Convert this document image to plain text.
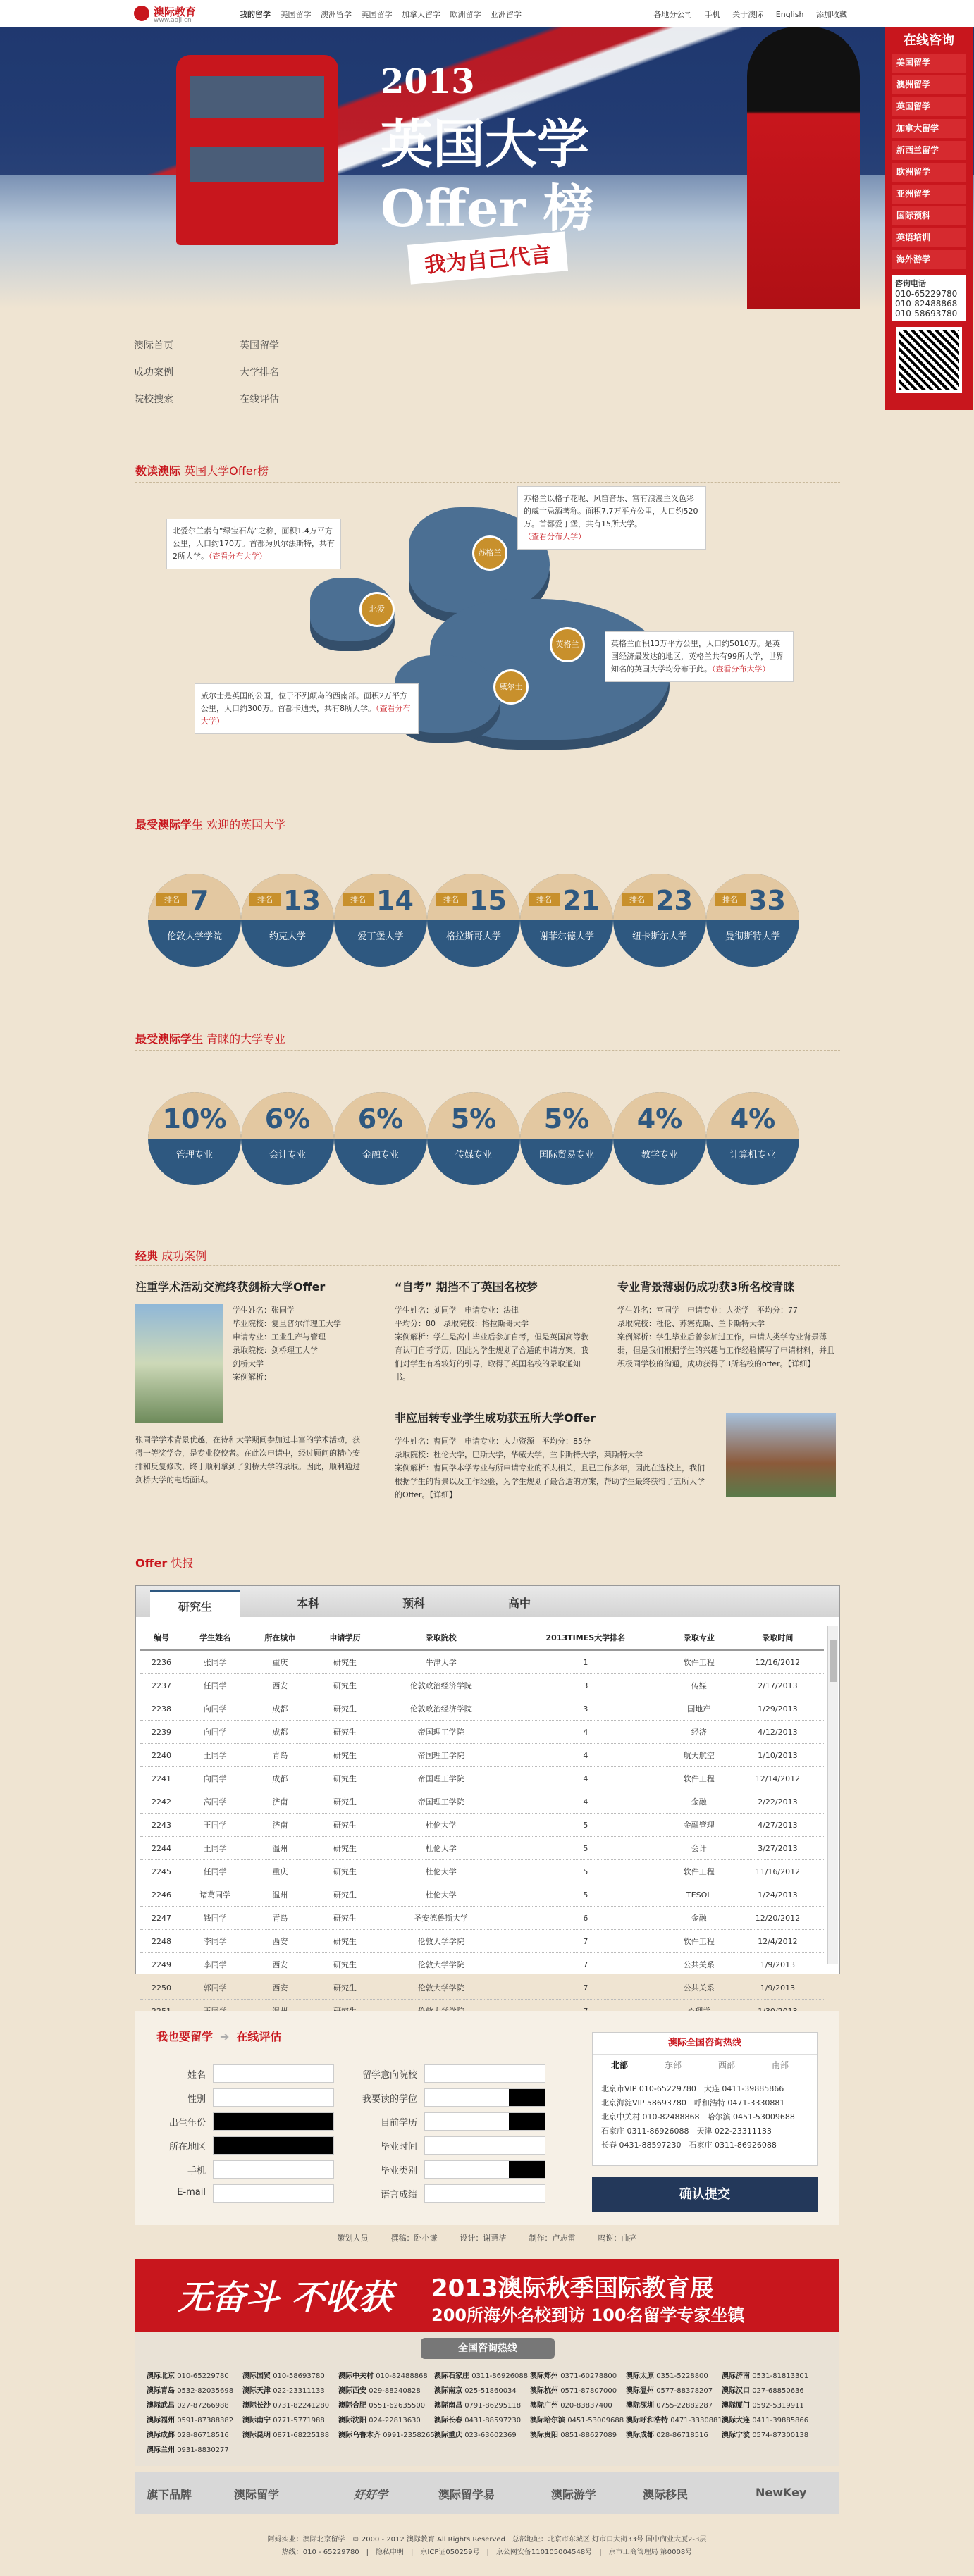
澳际教育
www.aoji.cn
我的留学 美国留学 澳洲留学 英国留学 加拿大留学 欧洲留学 亚洲留学	各地分公司 手机 关于澳际 English 添加收藏
2013
英国大学
Offer 榜
我为自己代言
在线咨询
美国留学
澳洲留学
英国留学
加拿大留学
新西兰留学
欧洲留学
亚洲留学
国际预科
英语培训
海外游学
咨询电话
010-65229780
010-82488868
010-58693780
澳际首页	英国留学
成功案例	大学排名
院校搜索	在线评估
数读澳际 英国大学Offer榜
北爱
苏格兰
英格兰
威尔士
北爱尔兰素有“绿宝石岛”之称，面积1.4万平方公里，人口约170万。首都为贝尔法斯特，共有2所大学。（查看分布大学）
苏格兰以格子花呢、风笛音乐、富有浪漫主义色彩的威士忌酒著称。面积7.7万平方公里，人口约520万。首都爱丁堡，共有15所大学。（查看分布大学）
英格兰面积13万平方公里，人口约5010万。是英国经济最发达的地区，英格兰共有99所大学，世界知名的英国大学均分布于此。（查看分布大学）
威尔士是英国的公国，位于不列颠岛的西南部。面积2万平方公里，人口约300万。首都卡迪夫，共有8所大学。（查看分布大学）
最受澳际学生 欢迎的英国大学
排名 7
伦敦大学学院
排名 13
约克大学
排名 14
爱丁堡大学
排名 15
格拉斯哥大学
排名 21
谢菲尔德大学
排名 23
纽卡斯尔大学
排名 33
曼彻斯特大学
最受澳际学生 青睐的大学专业
10%
管理专业
6%
会计专业
6%
金融专业
5%
传媒专业
5%
国际贸易专业
4%
教学专业
4%
计算机专业
经典 成功案例
注重学术活动交流终获剑桥大学Offer
学生姓名：张同学
毕业院校：复旦普尔洋理工大学
申请专业：工业生产与管理
录取院校：剑桥理工大学
剑桥大学
案例解析：
张同学学术背景优越，在待和大学期间参加过丰富的学术活动，获得一等奖学金，是专业佼佼者。在此次申请中，经过顾问的精心安排和反复修改，终于顺利拿到了剑桥大学的录取。因此，顺利通过剑桥大学的电话面试。
“自考” 期挡不了英国名校梦
学生姓名：刘同学　申请专业：法律
平均分：80　录取院校：格拉斯哥大学
案例解析：学生是高中毕业后参加自考，但是英国高等教育认可自考学历，因此为学生规划了合适的申请方案，我们对学生有着较好的引导，取得了英国名校的录取通知书。
专业背景薄弱仍成功获3所名校青睐
学生姓名：宫同学　申请专业：人类学　平均分：77
录取院校：杜伦、苏塞克斯、兰卡斯特大学
案例解析：学生毕业后曾参加过工作，申请人类学专业背景薄弱，但是我们根据学生的兴趣与工作经验撰写了申请材料，并且积极同学校的沟通，成功获得了3所名校的offer。【详细】
非应届转专业学生成功获五所大学Offer
学生姓名：曹同学　申请专业：人力资源　平均分：85分
录取院校：杜伦大学，巴斯大学，华威大学，兰卡斯特大学，莱斯特大学
案例解析：曹同学本学专业与所申请专业的不太相关，且已工作多年，因此在选校上，我们根据学生的背景以及工作经验，为学生规划了最合适的方案，帮助学生最终获得了五所大学的Offer。【详细】
Offer 快报
研究生	本科	预科	高中
编号	学生姓名	所在城市	申请学历	录取院校	2013TIMES大学排名	录取专业	录取时间
2236	张同学	重庆	研究生	牛津大学	1	软件工程	12/16/2012
2237	任同学	西安	研究生	伦敦政治经济学院	3	传媒	2/17/2013
2238	向同学	成都	研究生	伦敦政治经济学院	3	国地产	1/29/2013
2239	向同学	成都	研究生	帝国理工学院	4	经济	4/12/2013
2240	王同学	青岛	研究生	帝国理工学院	4	航天航空	1/10/2013
2241	向同学	成都	研究生	帝国理工学院	4	软件工程	12/14/2012
2242	高同学	济南	研究生	帝国理工学院	4	金融	2/22/2013
2243	王同学	济南	研究生	杜伦大学	5	金融管理	4/27/2013
2244	王同学	温州	研究生	杜伦大学	5	会计	3/27/2013
2245	任同学	重庆	研究生	杜伦大学	5	软件工程	11/16/2012
2246	诸葛同学	温州	研究生	杜伦大学	5	TESOL	1/24/2013
2247	钱同学	青岛	研究生	圣安德鲁斯大学	6	金融	12/20/2012
2248	李同学	西安	研究生	伦敦大学学院	7	软件工程	12/4/2012
2249	李同学	西安	研究生	伦敦大学学院	7	公共关系	1/9/2013
2250	郭同学	西安	研究生	伦敦大学学院	7	公共关系	1/9/2013

我也要留学 ➔ 在线评估
姓名
性别
出生年份
所在地区
手机
E-mail
留学意向院校
我要读的学位
目前学历
毕业时间
毕业类别
语言成绩
澳际全国咨询热线
北部	东部	西部	南部
北京市VIP 010-65229780　大连 0411-39885866
北京海淀VIP 58693780　呼和浩特 0471-3330881
北京中关村 010-82488868　哈尔滨 0451-53009688
石家庄 0311-86926088　天津 022-23311133
长春 0431-88597230　石家庄 0311-86926088
确认提交
策划人员	撰稿：卧小谦	设计：谢慧洁	制作：卢志雷	鸣谢：曲亮
无奋斗 不收获 2013澳际秋季国际教育展
200所海外名校到访 100名留学专家坐镇
全国咨询热线
澳际北京 010-65229780 澳际国贸 010-58693780 澳际中关村 010-82488868 澳际石家庄 0311-86926088 澳际郑州 0371-60278800 澳际太原 0351-5228800 澳际济南 0531-81813301澳际青岛 0532-82035698 澳际天津 022-23311133 澳际西安 029-88240828 澳际南京 025-51860034 澳际杭州 0571-87807000 澳际温州 0577-88378207 澳际汉口 027-68850636澳际武昌 027-87266988 澳际长沙 0731-82241280 澳际合肥 0551-62635500 澳际南昌 0791-86295118 澳际广州 020-83837400 澳际深圳 0755-22882287 澳际厦门 0592-5319911澳际福州 0591-87388382 澳际南宁 0771-5771988 澳际沈阳 024-22813630 澳际长春 0431-88597230 澳际哈尔滨 0451-53009688 澳际呼和浩特 0471-3330881澳际大连 0411-39885866澳际成都 028-86718516 澳际昆明 0871-68225188 澳际乌鲁木齐 0991-2358265澳际重庆 023-63602369 澳际贵阳 0851-88627089 澳际成都 028-86718516 澳际宁波 0574-87300138澳际兰州 0931-8830277
旗下品牌	澳际留学	好好学	澳际留学易	澳际游学	澳际移民	NewKey
阿姆实业：澳际北京留学　© 2000 - 2012 澳际教育 All Rights Reserved　总部地址：北京市东城区 灯市口大街33号 国中商业大厦2-3层
热线：010 - 65229780　|　隐私申明　|　京ICP证050259号　|　京公网安备110105004548号　|　京市工商管理局 第0008号
